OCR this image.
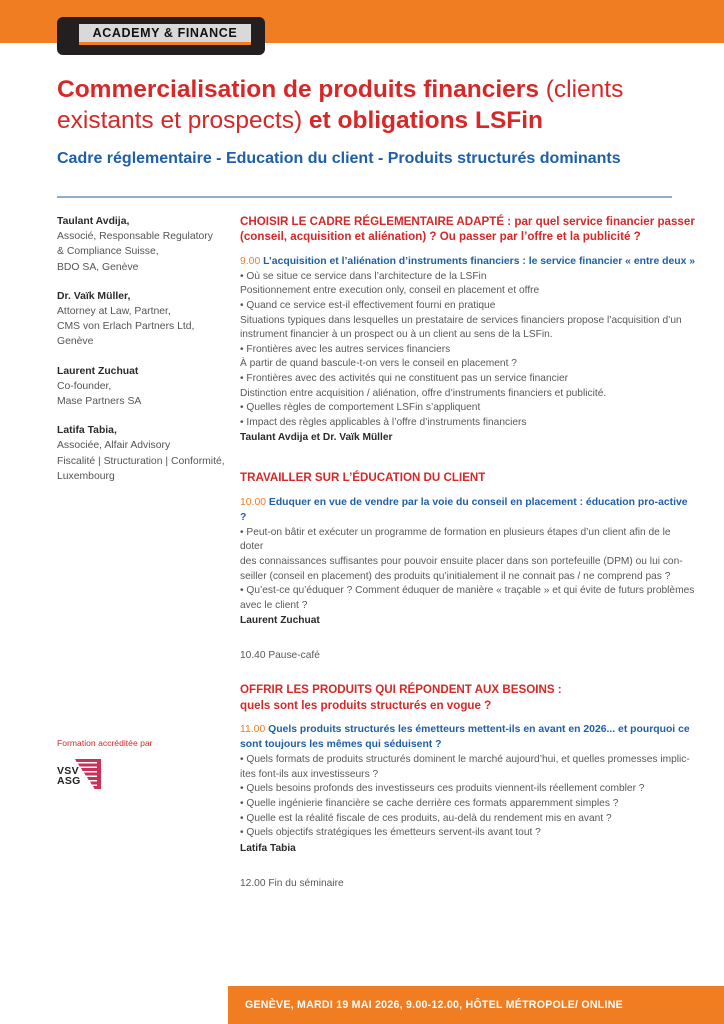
ACADEMY & FINANCE
Commercialisation de produits financiers (clients existants et prospects) et obligations LSFin

Cadre réglementaire - Education du client - Produits structurés dominants

Taulant Avdija,
Associé, Responsable Regulatory
& Compliance Suisse,
BDO SA, Genève
Dr. Vaïk Müller,
Attorney at Law, Partner,
CMS von Erlach Partners Ltd,
Genève
Laurent Zuchuat
Co-founder,
Mase Partners SA
Latifa Tabia,
Associée, Alfair Advisory
Fiscalité | Structuration | Conformité,
Luxembourg

Formation accréditée par

VSV
ASG
CHOISIR LE CADRE RÉGLEMENTAIRE ADAPTÉ : par quel service financier passer (conseil, acquisition et aliénation) ? Ou passer par l’offre et la publicité ?

9.00 L’acquisition et l’aliénation d’instruments financiers : le service financier « entre deux »

• Où se situe ce service dans l’architecture de la LSFin

Positionnement entre execution only, conseil en placement et offre

• Quand ce service est-il effectivement fourni en pratique

Situations typiques dans lesquelles un prestataire de services financiers propose l’acquisition d’un

instrument financier à un prospect ou à un client au sens de la LSFin.

• Frontières avec les autres services financiers

À partir de quand bascule-t-on vers le conseil en placement ?

• Frontières avec des activités qui ne constituent pas un service financier

Distinction entre acquisition / aliénation, offre d’instruments financiers et publicité.

• Quelles règles de comportement LSFin s’appliquent

• Impact des règles applicables à l’offre d’instruments financiers

Taulant Avdija et Dr. Vaïk Müller

TRAVAILLER SUR L’ÉDUCATION DU CLIENT

10.00 Eduquer en vue de vendre par la voie du conseil en placement : éducation pro-active ?

• Peut-on bâtir et exécuter un programme de formation en plusieurs étapes d’un client afin de le doter

des connaissances suffisantes pour pouvoir ensuite placer dans son portefeuille (DPM) ou lui con-

seiller (conseil en placement) des produits qu’initialement il ne connait pas / ne comprend pas ?

• Qu’est-ce qu’éduquer ? Comment éduquer de manière « traçable » et qui évite de futurs problèmes

avec le client ?

Laurent Zuchuat

10.40 Pause-café

OFFRIR LES PRODUITS QUI RÉPONDENT AUX BESOINS :
quels sont les produits structurés en vogue ?

11.00 Quels produits structurés les émetteurs mettent-ils en avant en 2026... et pourquoi ce sont toujours les mêmes qui séduisent ?

• Quels formats de produits structurés dominent le marché aujourd’hui, et quelles promesses implic-

ites font-ils aux investisseurs ?

• Quels besoins profonds des investisseurs ces produits viennent-ils réellement combler ?

• Quelle ingénierie financière se cache derrière ces formats apparemment simples ?

• Quelle est la réalité fiscale de ces produits, au-delà du rendement mis en avant ?

• Quels objectifs stratégiques les émetteurs servent-ils avant tout ?

Latifa Tabia

12.00 Fin du séminaire

GENÈVE, MARDI 19 MAI 2026, 9.00-12.00, HÔTEL MÉTROPOLE/ ONLINE
